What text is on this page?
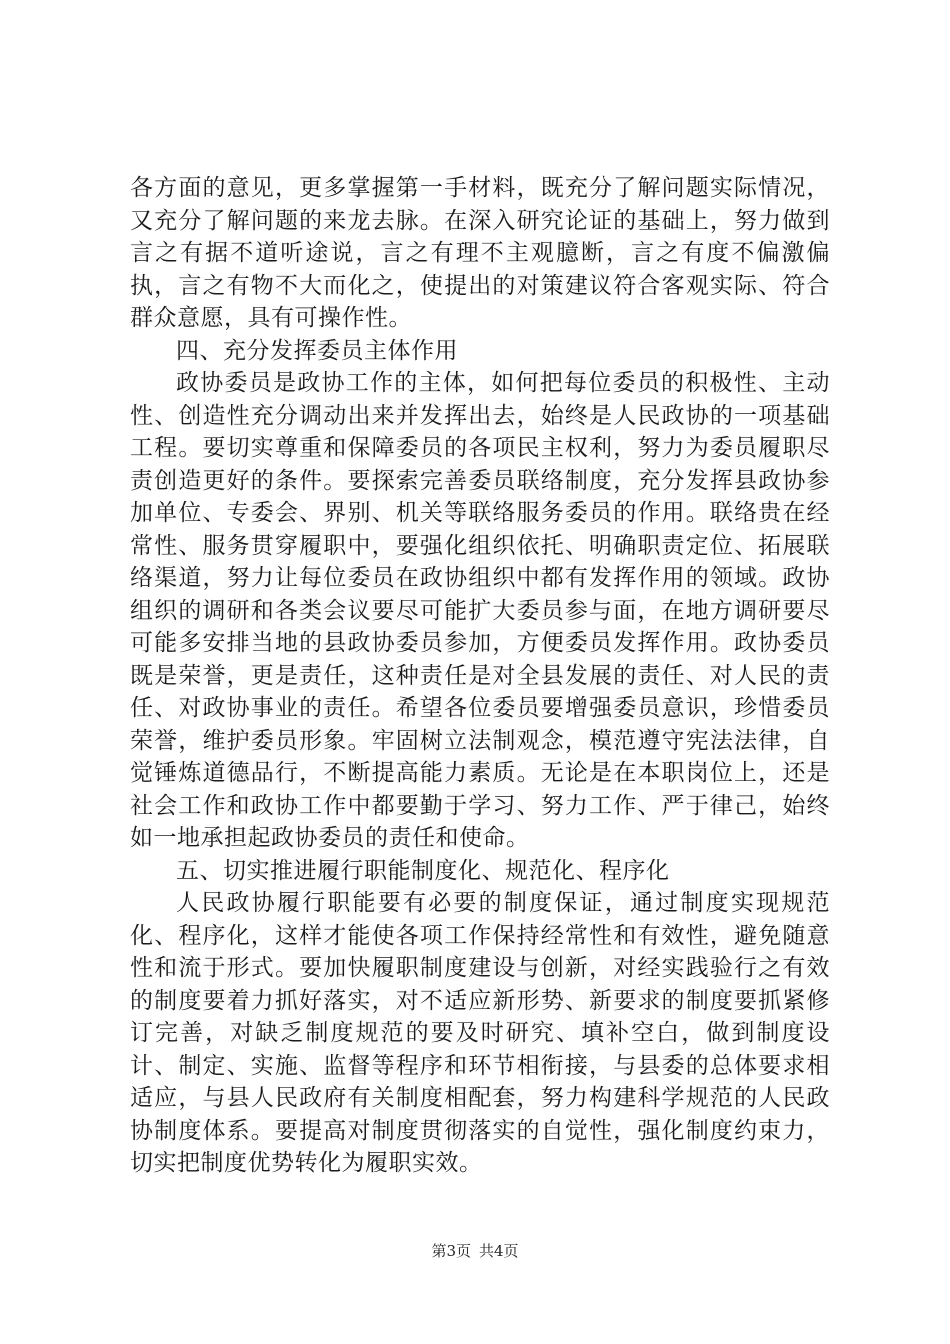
各方面的意见，更多掌握第一手材料，既充分了解问题实际情况，又充分了解问题的来龙去脉。在深入研究论证的基础上，努力做到言之有据不道听途说，言之有理不主观臆断，言之有度不偏激偏执，言之有物不大而化之，使提出的对策建议符合客观实际、符合群众意愿，具有可操作性。

四、充分发挥委员主体作用

政协委员是政协工作的主体，如何把每位委员的积极性、主动性、创造性充分调动出来并发挥出去，始终是人民政协的一项基础工程。要切实尊重和保障委员的各项民主权利，努力为委员履职尽责创造更好的条件。要探索完善委员联络制度，充分发挥县政协参加单位、专委会、界别、机关等联络服务委员的作用。联络贵在经常性、服务贯穿履职中，要强化组织依托、明确职责定位、拓展联络渠道，努力让每位委员在政协组织中都有发挥作用的领域。政协组织的调研和各类会议要尽可能扩大委员参与面，在地方调研要尽可能多安排当地的县政协委员参加，方便委员发挥作用。政协委员既是荣誉，更是责任，这种责任是对全县发展的责任、对人民的责任、对政协事业的责任。希望各位委员要增强委员意识，珍惜委员荣誉，维护委员形象。牢固树立法制观念，模范遵守宪法法律，自觉锤炼道德品行，不断提高能力素质。无论是在本职岗位上，还是社会工作和政协工作中都要勤于学习、努力工作、严于律己，始终如一地承担起政协委员的责任和使命。

五、切实推进履行职能制度化、规范化、程序化

人民政协履行职能要有必要的制度保证，通过制度实现规范化、程序化，这样才能使各项工作保持经常性和有效性，避免随意性和流于形式。要加快履职制度建设与创新，对经实践验行之有效的制度要着力抓好落实，对不适应新形势、新要求的制度要抓紧修订完善，对缺乏制度规范的要及时研究、填补空白，做到制度设计、制定、实施、监督等程序和环节相衔接，与县委的总体要求相适应，与县人民政府有关制度相配套，努力构建科学规范的人民政协制度体系。要提高对制度贯彻落实的自觉性，强化制度约束力，切实把制度优势转化为履职实效。

第3页 共4页
